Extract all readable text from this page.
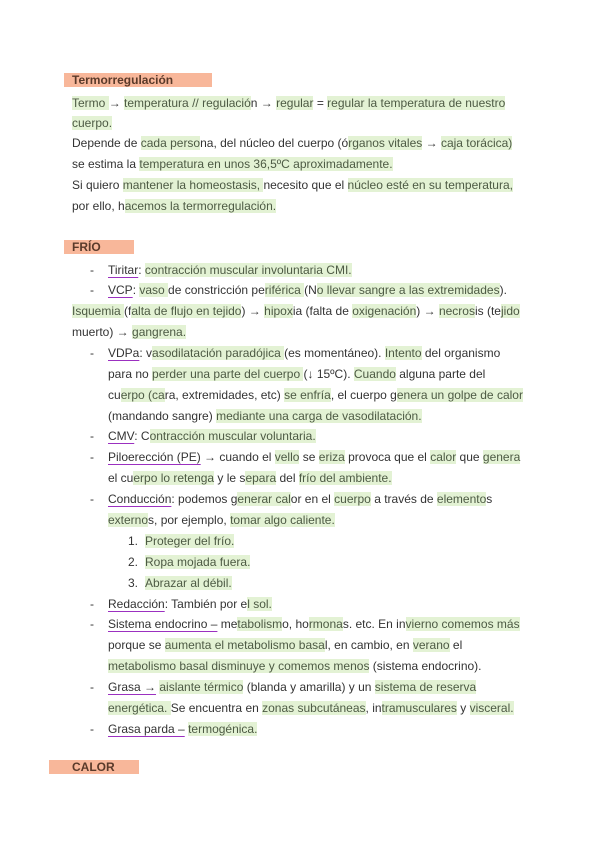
Termorregulación
FRÍO
CALOR
Termo → temperatura // regulación → regular = regular la temperatura de nuestro
cuerpo.
Depende de cada persona, del núcleo del cuerpo (órganos vitales → caja torácica)
se estima la temperatura en unos 36,5ºC aproximadamente.
Si quiero mantener la homeostasis, necesito que el núcleo esté en su temperatura,
por ello, hacemos la termorregulación.
Tiritar: contracción muscular involuntaria CMI.
VCP: vaso de constricción periférica (No llevar sangre a las extremidades).
Isquemia (falta de flujo en tejido) → hipoxia (falta de oxigenación) → necrosis (tejido
muerto) → gangrena.
VDPa: vasodilatación paradójica (es momentáneo). Intento del organismo
para no perder una parte del cuerpo (↓ 15ºC). Cuando alguna parte del
cuerpo (cara, extremidades, etc) se enfría, el cuerpo genera un golpe de calor
(mandando sangre) mediante una carga de vasodilatación.
CMV: Contracción muscular voluntaria.
Piloerección (PE) → cuando el vello se eriza provoca que el calor que genera
el cuerpo lo retenga y le separa del frío del ambiente.
Conducción: podemos generar calor en el cuerpo a través de elementos
externos, por ejemplo, tomar algo caliente.
Redacción: También por el sol.
Sistema endocrino – metabolismo, hormonas. etc. En invierno comemos más
porque se aumenta el metabolismo basal, en cambio, en verano el
metabolismo basal disminuye y comemos menos (sistema endocrino).
Grasa → aislante térmico (blanda y amarilla) y un sistema de reserva
energética. Se encuentra en zonas subcutáneas, intramusculares y visceral.
Grasa parda – termogénica.
1. Proteger del frío.
2. Ropa mojada fuera.
3. Abrazar al débil.
-
-
-
-
-
-
-
-
-
-
